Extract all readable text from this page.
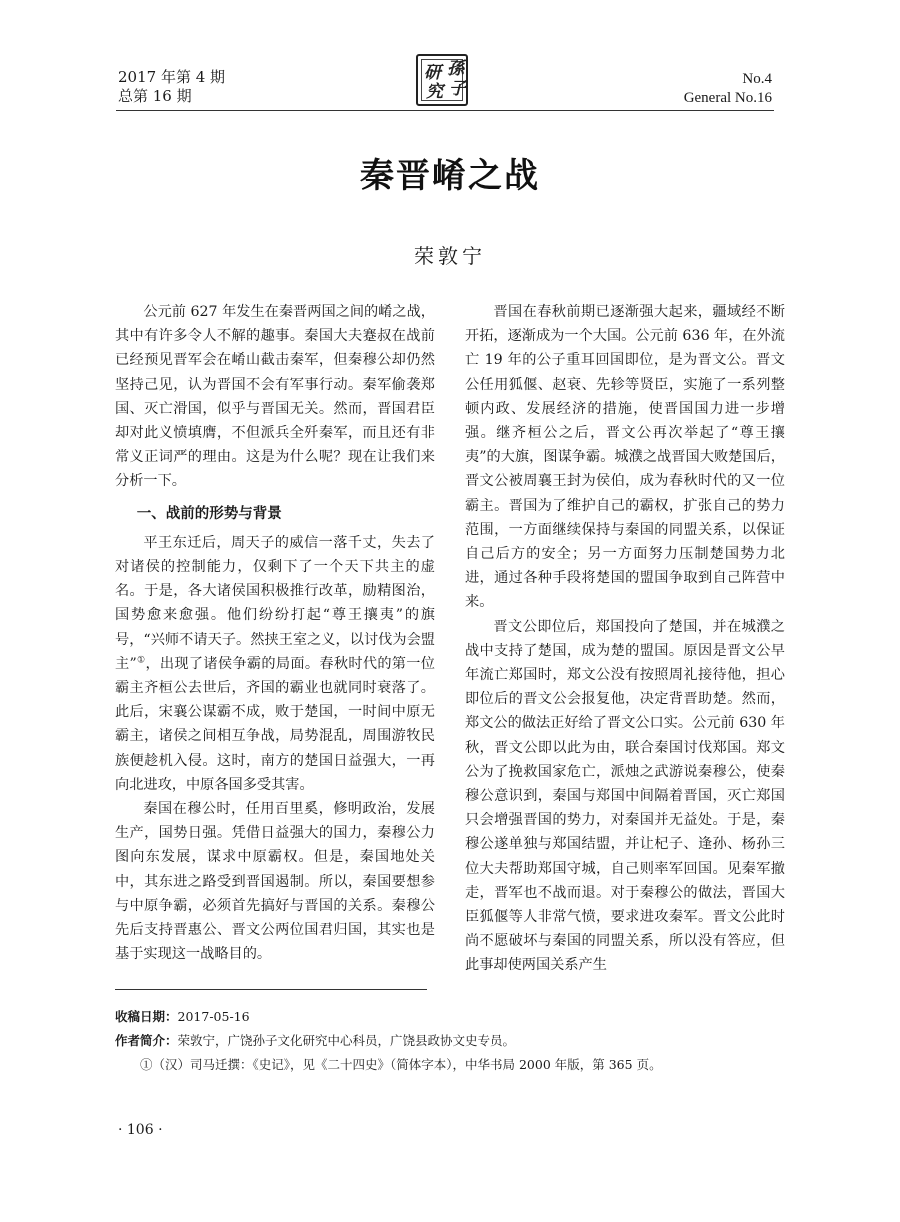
2017 年第 4 期
总第 16 期
孫
子
研
究
No.4
General No.16
秦晋崤之战
荣敦宁

公元前 627 年发生在秦晋两国之间的崤之战，其中有许多令人不解的趣事。秦国大夫蹇叔在战前已经预见晋军会在崤山截击秦军，但秦穆公却仍然坚持己见，认为晋国不会有军事行动。秦军偷袭郑国、灭亡滑国，似乎与晋国无关。然而，晋国君臣却对此义愤填膺，不但派兵全歼秦军，而且还有非常义正词严的理由。这是为什么呢？现在让我们来分析一下。

一、战前的形势与背景

平王东迁后，周天子的威信一落千丈，失去了对诸侯的控制能力，仅剩下了一个天下共主的虚名。于是，各大诸侯国积极推行改革，励精图治，国势愈来愈强。他们纷纷打起“尊王攘夷”的旗号，“兴师不请天子。然挟王室之义，以讨伐为会盟主”①，出现了诸侯争霸的局面。春秋时代的第一位霸主齐桓公去世后，齐国的霸业也就同时衰落了。此后，宋襄公谋霸不成，败于楚国，一时间中原无霸主，诸侯之间相互争战，局势混乱，周围游牧民族便趁机入侵。这时，南方的楚国日益强大，一再向北进攻，中原各国多受其害。

秦国在穆公时，任用百里奚，修明政治，发展生产，国势日强。凭借日益强大的国力，秦穆公力图向东发展，谋求中原霸权。但是，秦国地处关中，其东进之路受到晋国遏制。所以，秦国要想参与中原争霸，必须首先搞好与晋国的关系。秦穆公先后支持晋惠公、晋文公两位国君归国，其实也是基于实现这一战略目的。

晋国在春秋前期已逐渐强大起来，疆域经不断开拓，逐渐成为一个大国。公元前 636 年，在外流亡 19 年的公子重耳回国即位，是为晋文公。晋文公任用狐偃、赵衰、先轸等贤臣，实施了一系列整顿内政、发展经济的措施，使晋国国力进一步增强。继齐桓公之后，晋文公再次举起了“尊王攘夷”的大旗，图谋争霸。城濮之战晋国大败楚国后，晋文公被周襄王封为侯伯，成为春秋时代的又一位霸主。晋国为了维护自己的霸权，扩张自己的势力范围，一方面继续保持与秦国的同盟关系，以保证自己后方的安全；另一方面努力压制楚国势力北进，通过各种手段将楚国的盟国争取到自己阵营中来。

晋文公即位后，郑国投向了楚国，并在城濮之战中支持了楚国，成为楚的盟国。原因是晋文公早年流亡郑国时，郑文公没有按照周礼接待他，担心即位后的晋文公会报复他，决定背晋助楚。然而，郑文公的做法正好给了晋文公口实。公元前 630 年秋，晋文公即以此为由，联合秦国讨伐郑国。郑文公为了挽救国家危亡，派烛之武游说秦穆公，使秦穆公意识到，秦国与郑国中间隔着晋国，灭亡郑国只会增强晋国的势力，对秦国并无益处。于是，秦穆公遂单独与郑国结盟，并让杞子、逢孙、杨孙三位大夫帮助郑国守城，自己则率军回国。见秦军撤走，晋军也不战而退。对于秦穆公的做法，晋国大臣狐偃等人非常气愤，要求进攻秦军。晋文公此时尚不愿破坏与秦国的同盟关系，所以没有答应，但此事却使两国关系产生

收稿日期：2017-05-16
作者简介：荣敦宁，广饶孙子文化研究中心科员，广饶县政协文史专员。
①（汉）司马迁撰：《史记》，见《二十四史》（简体字本），中华书局 2000 年版，第 365 页。
· 106 ·
